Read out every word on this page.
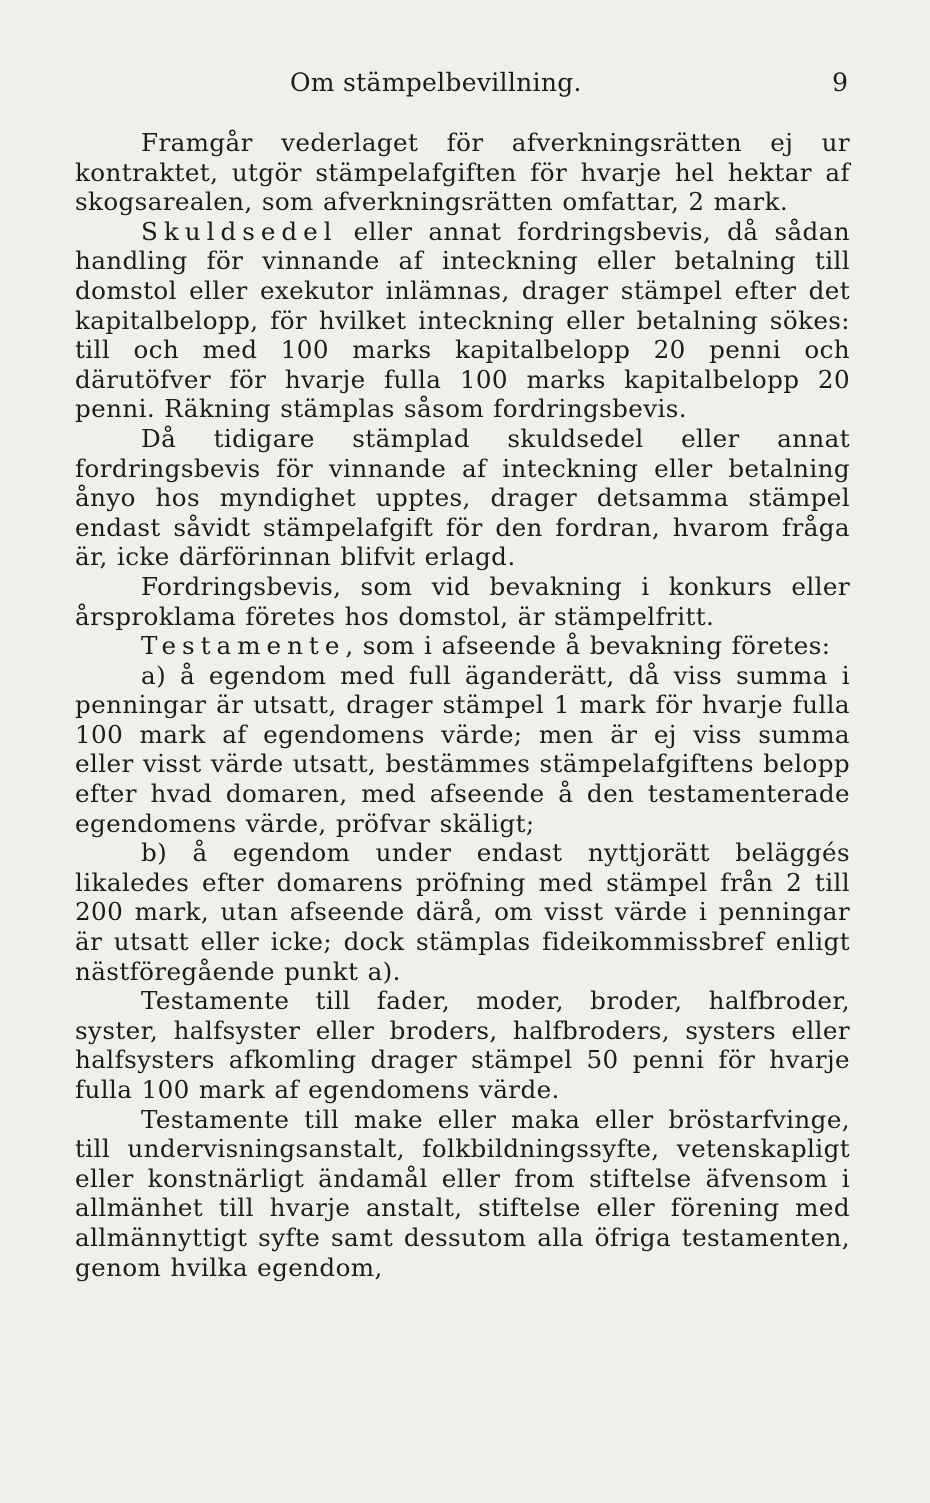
Om stämpelbevillning.	9

Framgår vederlaget för afverkningsrätten ej ur kontraktet, utgör stämpelafgiften för hvarje hel hektar af skogsarealen, som afverkningsrätten omfattar, 2 mark.

Skuldsedel eller annat fordringsbevis, då sådan handling för vinnande af inteckning eller betalning till domstol eller exekutor inlämnas, drager stämpel efter det kapitalbelopp, för hvilket inteckning eller betalning sökes: till och med 100 marks kapitalbelopp 20 penni och därutöfver för hvarje fulla 100 marks kapitalbelopp 20 penni. Räkning stämplas såsom fordringsbevis.

Då tidigare stämplad skuldsedel eller annat fordringsbevis för vinnande af inteckning eller betalning ånyo hos myndighet upptes, drager detsamma stämpel endast såvidt stämpelafgift för den fordran, hvarom fråga är, icke därförinnan blifvit erlagd.

Fordringsbevis, som vid bevakning i konkurs eller årsproklama företes hos domstol, är stämpelfritt.

Testamente, som i afseende å bevakning företes:

a) å egendom med full äganderätt, då viss summa i penningar är utsatt, drager stämpel 1 mark för hvarje fulla 100 mark af egendomens värde; men är ej viss summa eller visst värde utsatt, bestämmes stämpelafgiftens belopp efter hvad domaren, med afseende å den testamenterade egendomens värde, pröfvar skäligt;

b) å egendom under endast nyttjorätt beläggés likaledes efter domarens pröfning med stämpel från 2 till 200 mark, utan afseende därå, om visst värde i penningar är utsatt eller icke; dock stämplas fideikommissbref enligt nästföregående punkt a).

Testamente till fader, moder, broder, halfbroder, syster, halfsyster eller broders, halfbroders, systers eller halfsysters afkomling drager stämpel 50 penni för hvarje fulla 100 mark af egendomens värde.

Testamente till make eller maka eller bröstarfvinge, till undervisningsanstalt, folkbildningssyfte, vetenskapligt eller konstnärligt ändamål eller from stiftelse äfvensom i allmänhet till hvarje anstalt, stiftelse eller förening med allmännyttigt syfte samt dessutom alla öfriga testamenten, genom hvilka egendom,
